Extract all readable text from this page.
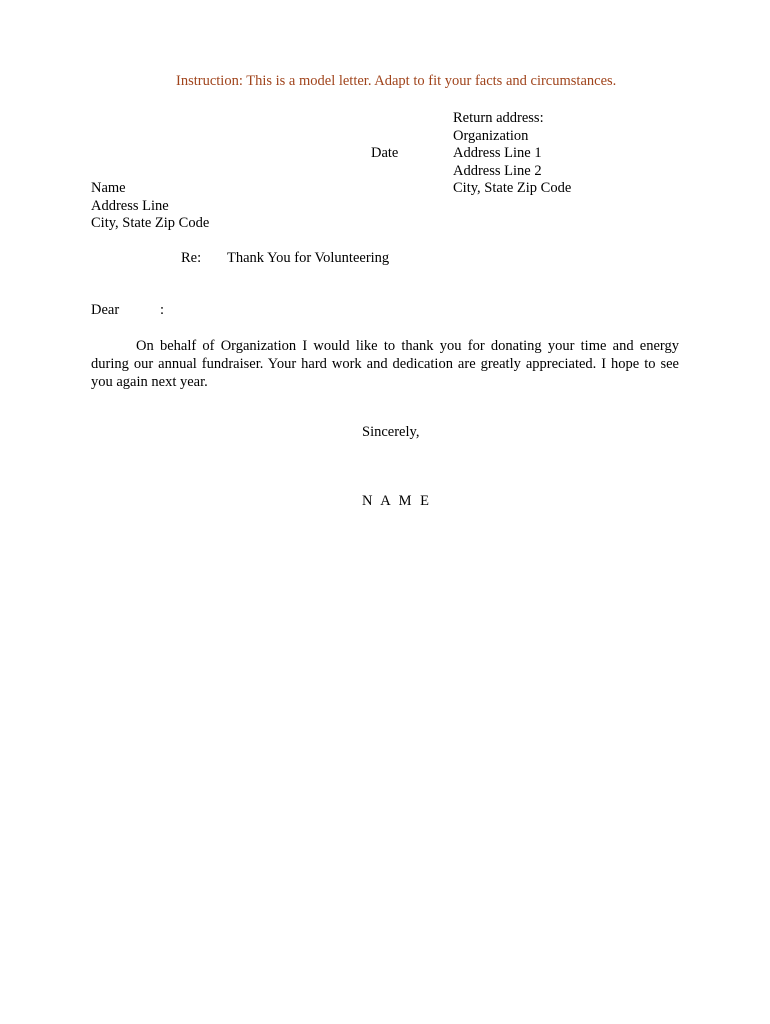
Instruction: This is a model letter. Adapt to fit your facts and circumstances.
Return address:
Organization
Address Line 1
Address Line 2
City, State Zip Code
Date
Name
Address Line
City, State Zip Code
Re: Thank You for Volunteering
Dear	:
On behalf of Organization I would like to thank you for donating your time and energy during our annual fundraiser. Your hard work and dedication are greatly appreciated. I hope to see you again next year.
Sincerely,
N A M E
